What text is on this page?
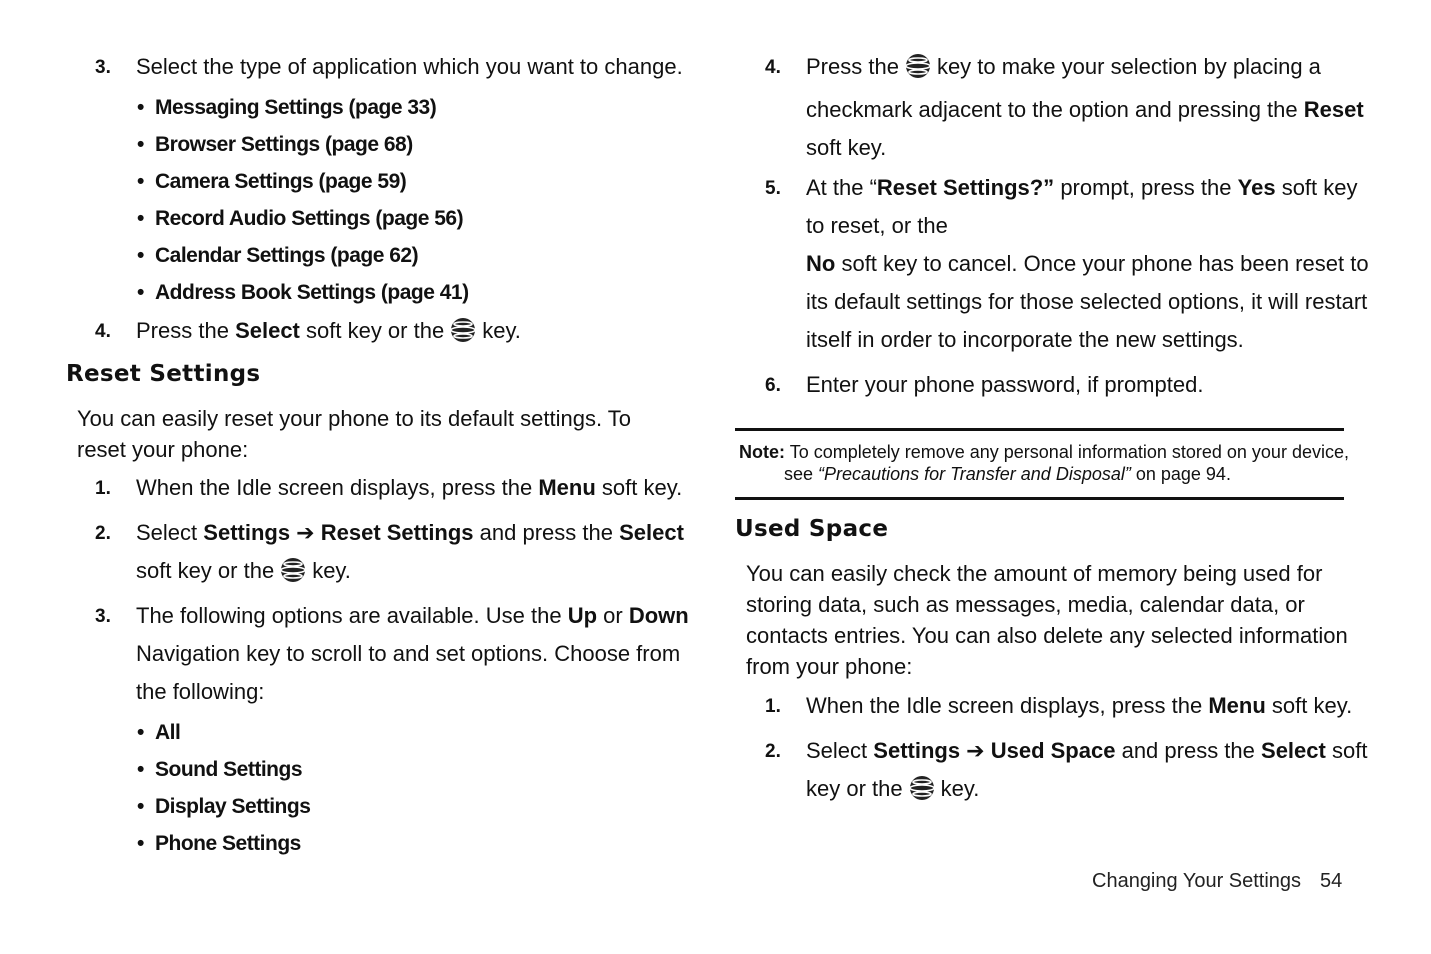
3. Select the type of application which you want to change.
• Messaging Settings (page 33)
• Browser Settings (page 68)
• Camera Settings (page 59)
• Record Audio Settings (page 56)
• Calendar Settings (page 62)
• Address Book Settings (page 41)
4. Press the Select soft key or the key.
Reset Settings
You can easily reset your phone to its default settings. To reset your phone:
1. When the Idle screen displays, press the Menu soft key.
2. Select Settings ➔ Reset Settings and press the Select
soft key or the key.
3. The following options are available. Use the Up or Down
Navigation key to scroll to and set options. Choose from
the following:
• All
• Sound Settings
• Display Settings
• Phone Settings
4. Press the key to make your selection by placing a
checkmark adjacent to the option and pressing the Reset
soft key.
5. At the “Reset Settings?” prompt, press the Yes soft key
to reset, or the
No soft key to cancel. Once your phone has been reset to
its default settings for those selected options, it will restart
itself in order to incorporate the new settings.
6. Enter your phone password, if prompted.
Note: To completely remove any personal information stored on your device,
see “Precautions for Transfer and Disposal” on page 94.
Used Space
You can easily check the amount of memory being used for
storing data, such as messages, media, calendar data, or
contacts entries. You can also delete any selected information
from your phone:
1. When the Idle screen displays, press the Menu soft key.
2. Select Settings ➔ Used Space and press the Select soft
key or the key.
Changing Your Settings 54
